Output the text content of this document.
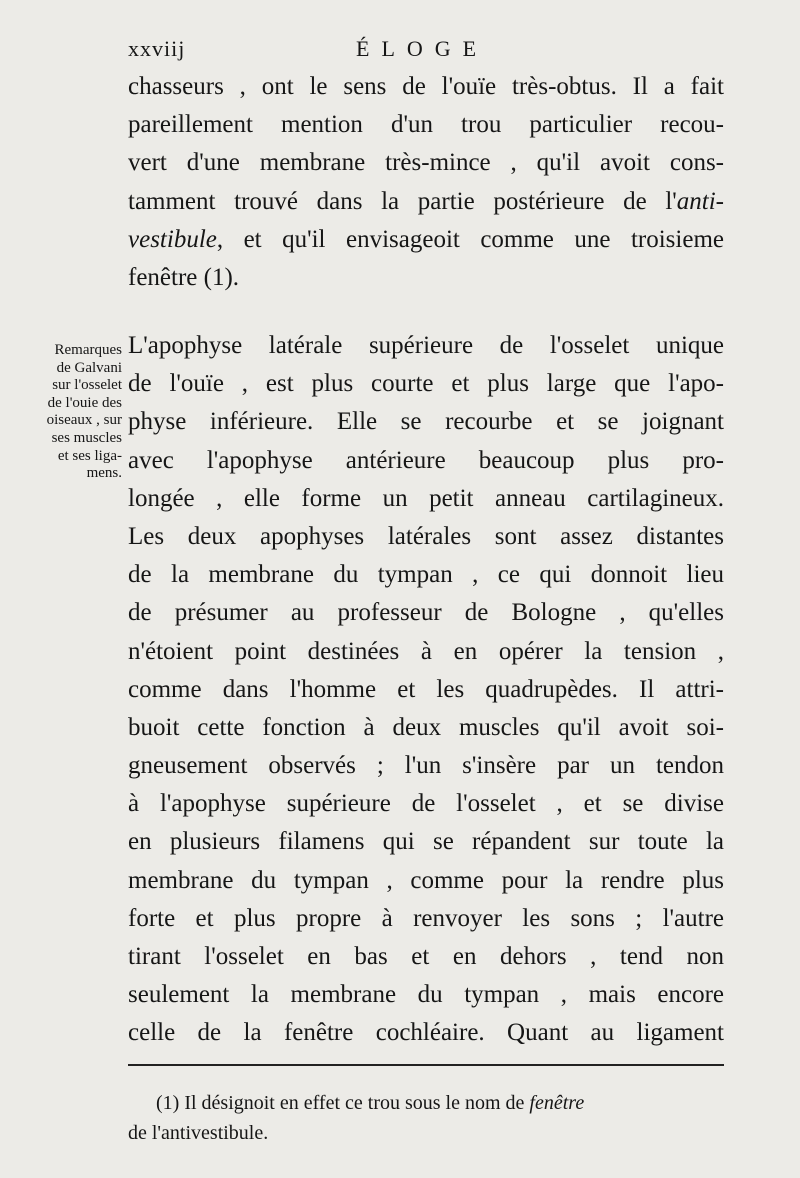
xxviij	ÉLOGE
chasseurs , ont le sens de l'ouïe très-obtus. Il a fait
pareillement mention d'un trou particulier recou-
vert d'une membrane très-mince , qu'il avoit cons-
tamment trouvé dans la partie postérieure de l'anti-
vestibule, et qu'il envisageoit comme une troisieme
fenêtre (1).
Remarques
de Galvani
sur l'osselet
de l'ouie des
oiseaux , sur
ses muscles
et ses liga-
mens.
L'apophyse latérale supérieure de l'osselet unique
de l'ouïe , est plus courte et plus large que l'apo-
physe inférieure. Elle se recourbe et se joignant
avec l'apophyse antérieure beaucoup plus pro-
longée , elle forme un petit anneau cartilagineux.
Les deux apophyses latérales sont assez distantes
de la membrane du tympan , ce qui donnoit lieu
de présumer au professeur de Bologne , qu'elles
n'étoient point destinées à en opérer la tension ,
comme dans l'homme et les quadrupèdes. Il attri-
buoit cette fonction à deux muscles qu'il avoit soi-
gneusement observés ; l'un s'insère par un tendon
à l'apophyse supérieure de l'osselet , et se divise
en plusieurs filamens qui se répandent sur toute la
membrane du tympan , comme pour la rendre plus
forte et plus propre à renvoyer les sons ; l'autre
tirant l'osselet en bas et en dehors , tend non
seulement la membrane du tympan , mais encore
celle de la fenêtre cochléaire. Quant au ligament
(1) Il désignoit en effet ce trou sous le nom de fenêtre
de l'antivestibule.
